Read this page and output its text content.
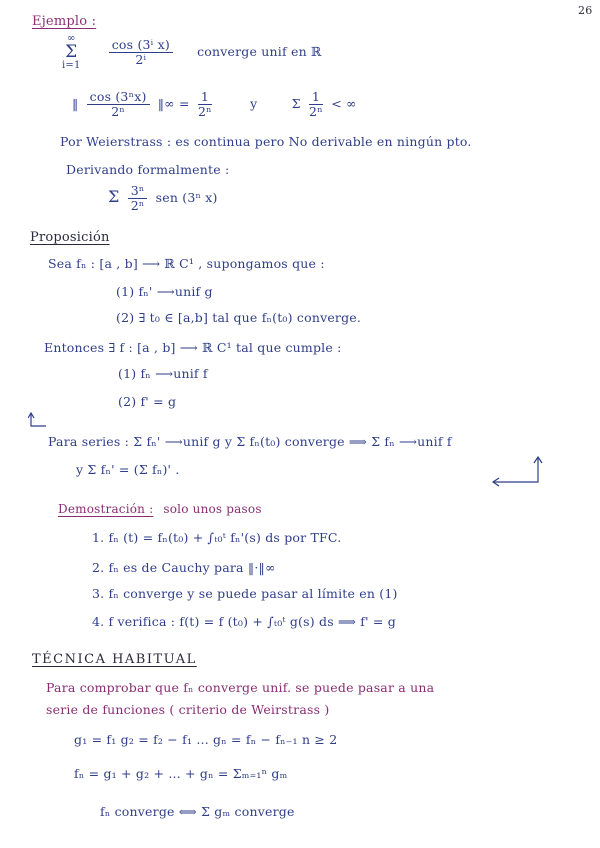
26
Ejemplo :
∞
Σ
$i=1 \frac{\text{cos (3ⁱ x)}}{\text{2ⁱ}}$ converge unif en ℝ
‖ $\frac{\text{cos (3ⁿx)}}{\text{2ⁿ}}$ ‖∞ = $\frac{1}{\text{2ⁿ}}$	y	Σ $\frac{1}{\text{2ⁿ}}$ < ∞
Por Weierstrass : es continua pero No derivable en ningún pto.
Derivando formalmente :
Σ $\frac{\text{3ⁿ}}{\text{2ⁿ}}$ sen (3ⁿ x)
Proposición
Sea fₙ : [a , b] ⟶ ℝ C¹ , supongamos que :
(1) fₙ' ⟶unif g
(2) ∃ t₀ ∈ [a,b] tal que fₙ(t₀) converge.
Entonces ∃ f : [a , b] ⟶ ℝ C¹ tal que cumple :
(1) fₙ ⟶unif f
(2) f' = g
Para series : Σ fₙ' ⟶unif g y Σ fₙ(t₀) converge ⟹ Σ fₙ ⟶unif f
y Σ fₙ' = (Σ fₙ)' .
Demostración : solo unos pasos
1. fₙ (t) = fₙ(t₀) + ∫ₜ₀ᵗ fₙ'(s) ds por TFC.
2. fₙ es de Cauchy para ‖·‖∞
3. fₙ converge y se puede pasar al límite en (1)
4. f verifica : f(t) = f (t₀) + ∫ₜ₀ᵗ g(s) ds ⟹ f' = g
TÉCNICA HABITUAL
Para comprobar que fₙ converge unif. se puede pasar a una
serie de funciones ( criterio de Weirstrass )
g₁ = f₁ g₂ = f₂ − f₁ ... gₙ = fₙ − fₙ₋₁ n ≥ 2
fₙ = g₁ + g₂ + ... + gₙ = Σₘ₌₁ⁿ gₘ
fₙ converge ⟺ Σ gₘ converge
